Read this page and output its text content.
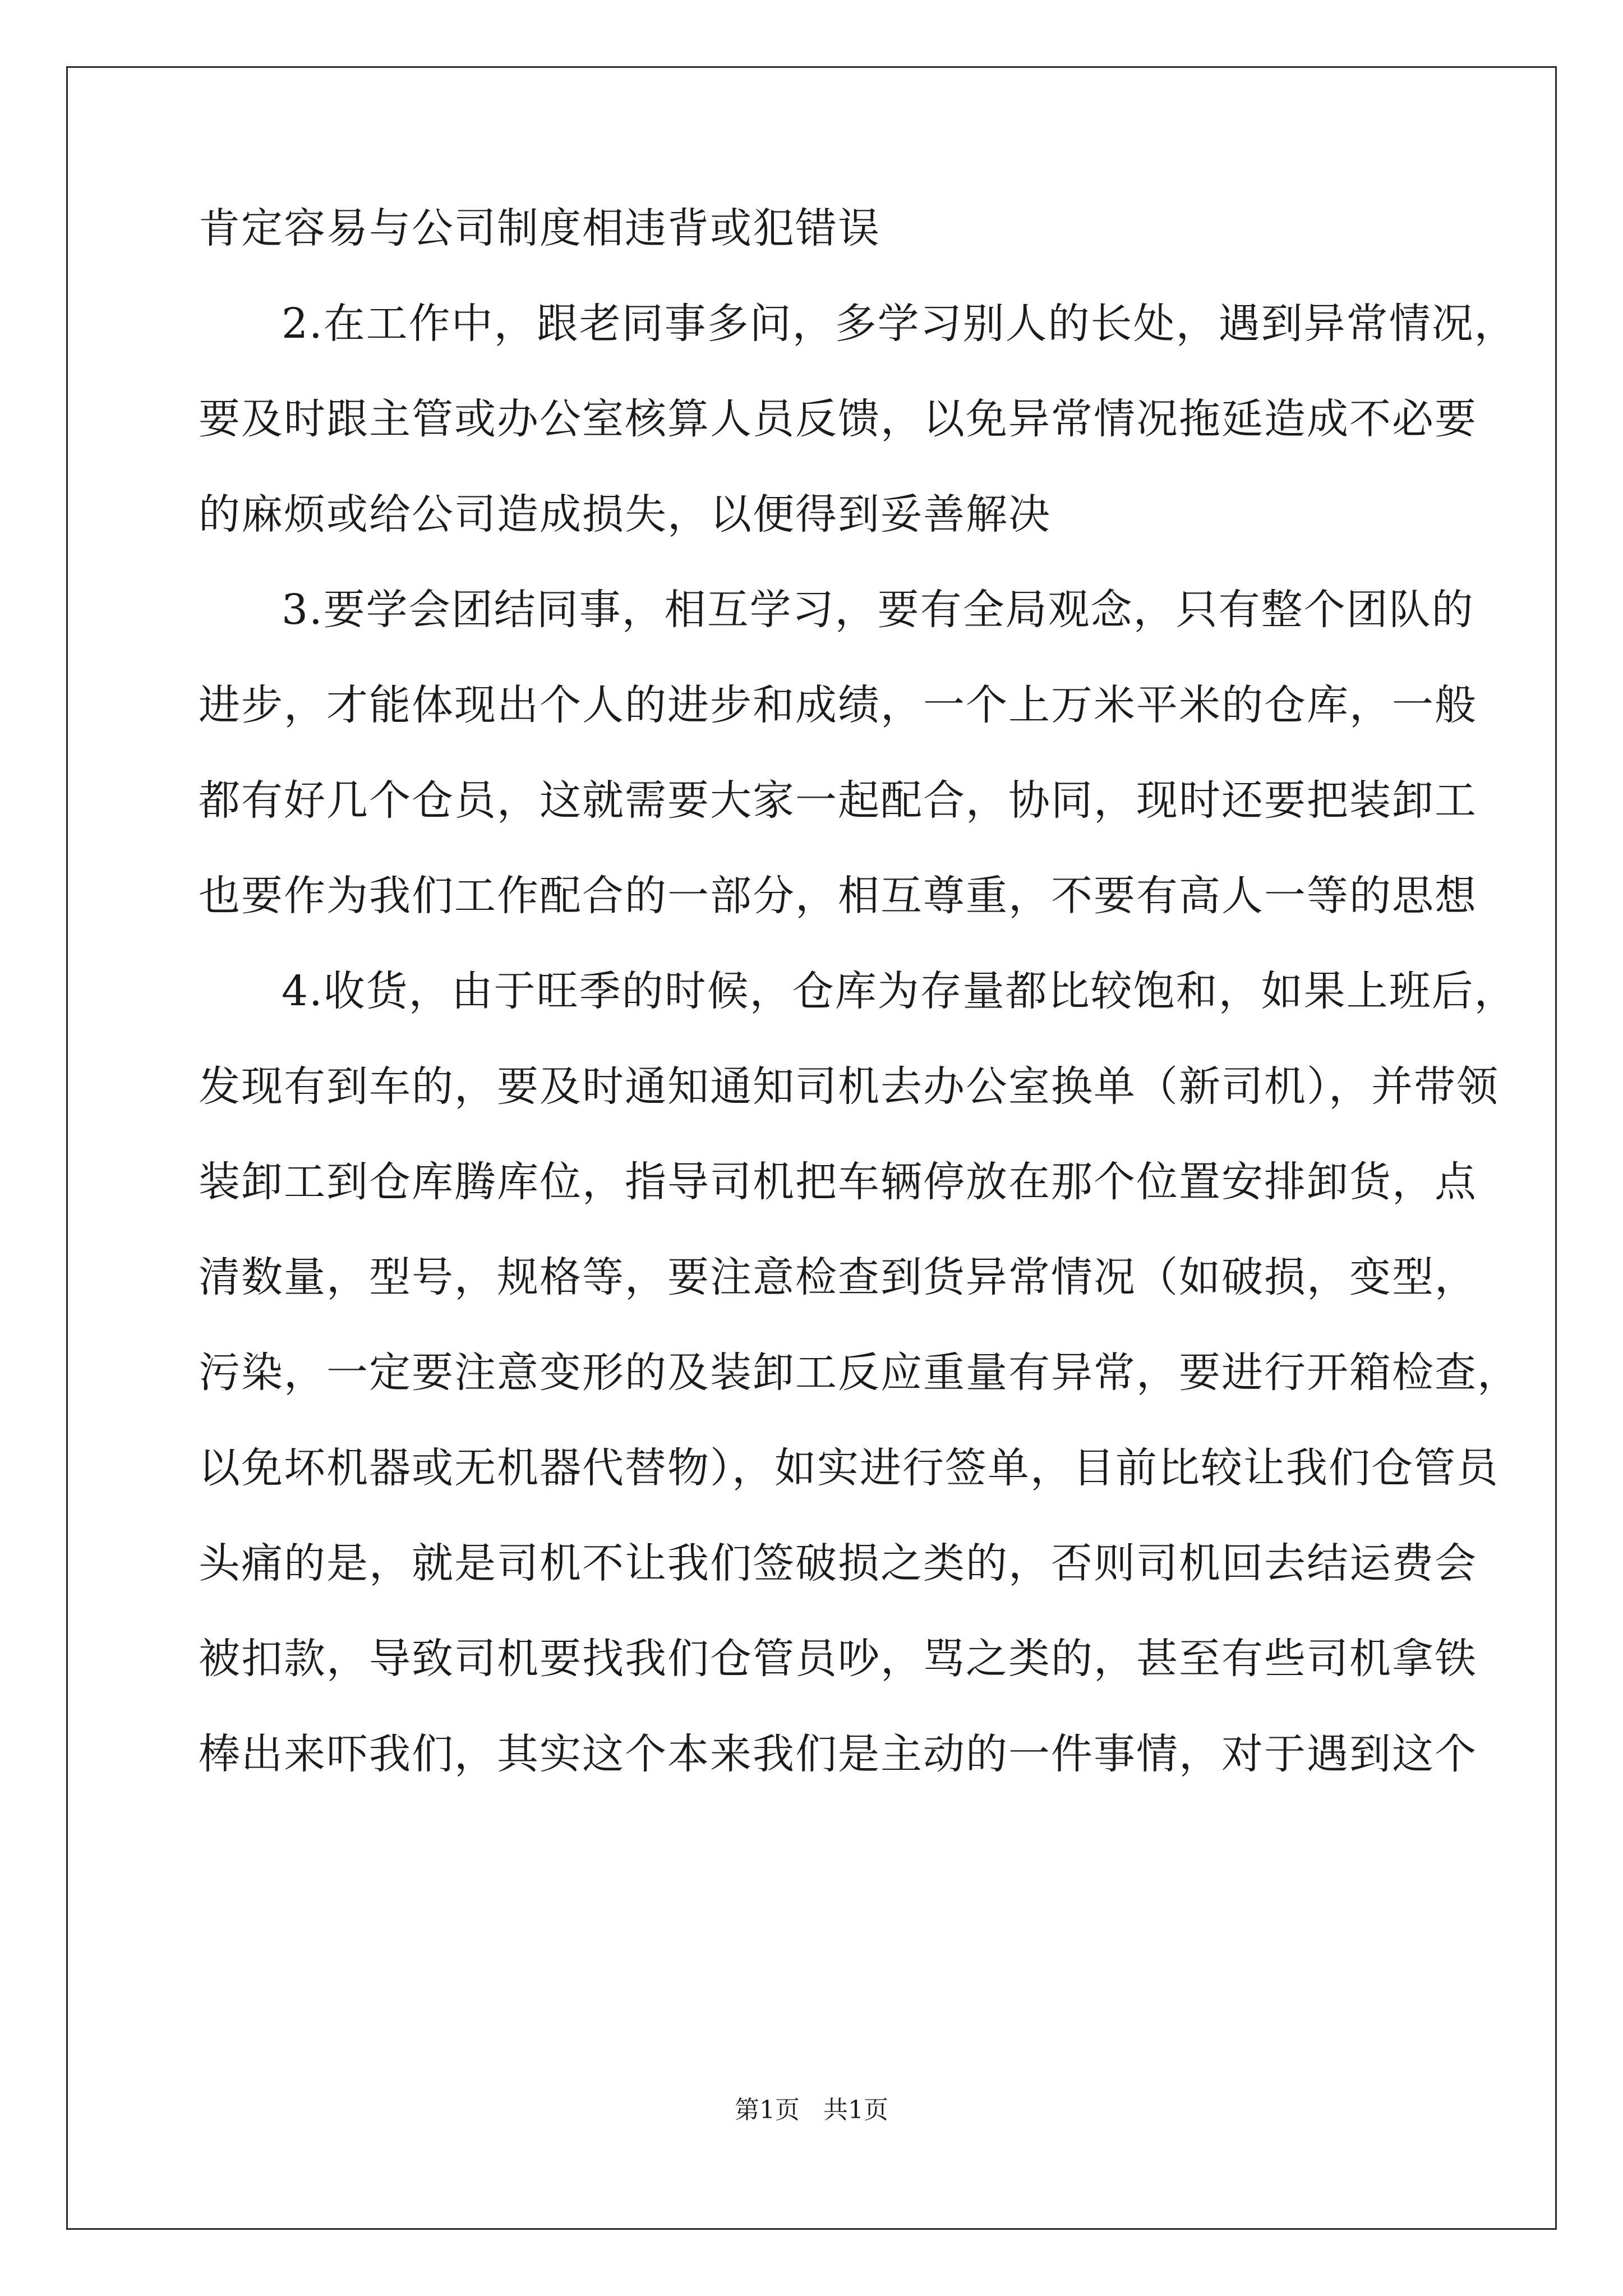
肯定容易与公司制度相违背或犯错误
2.在工作中，跟老同事多问，多学习别人的长处，遇到异常情况，
要及时跟主管或办公室核算人员反馈，以免异常情况拖延造成不必要
的麻烦或给公司造成损失，以便得到妥善解决
3.要学会团结同事，相互学习，要有全局观念，只有整个团队的
进步，才能体现出个人的进步和成绩，一个上万米平米的仓库，一般
都有好几个仓员，这就需要大家一起配合，协同，现时还要把装卸工
也要作为我们工作配合的一部分，相互尊重，不要有高人一等的思想
4.收货，由于旺季的时候，仓库为存量都比较饱和，如果上班后，
发现有到车的，要及时通知通知司机去办公室换单（新司机），并带领
装卸工到仓库腾库位，指导司机把车辆停放在那个位置安排卸货，点
清数量，型号，规格等，要注意检查到货异常情况（如破损，变型，
污染，一定要注意变形的及装卸工反应重量有异常，要进行开箱检查，
以免坏机器或无机器代替物），如实进行签单，目前比较让我们仓管员
头痛的是，就是司机不让我们签破损之类的，否则司机回去结运费会
被扣款，导致司机要找我们仓管员吵，骂之类的，甚至有些司机拿铁
棒出来吓我们，其实这个本来我们是主动的一件事情，对于遇到这个
第1页   共1页
